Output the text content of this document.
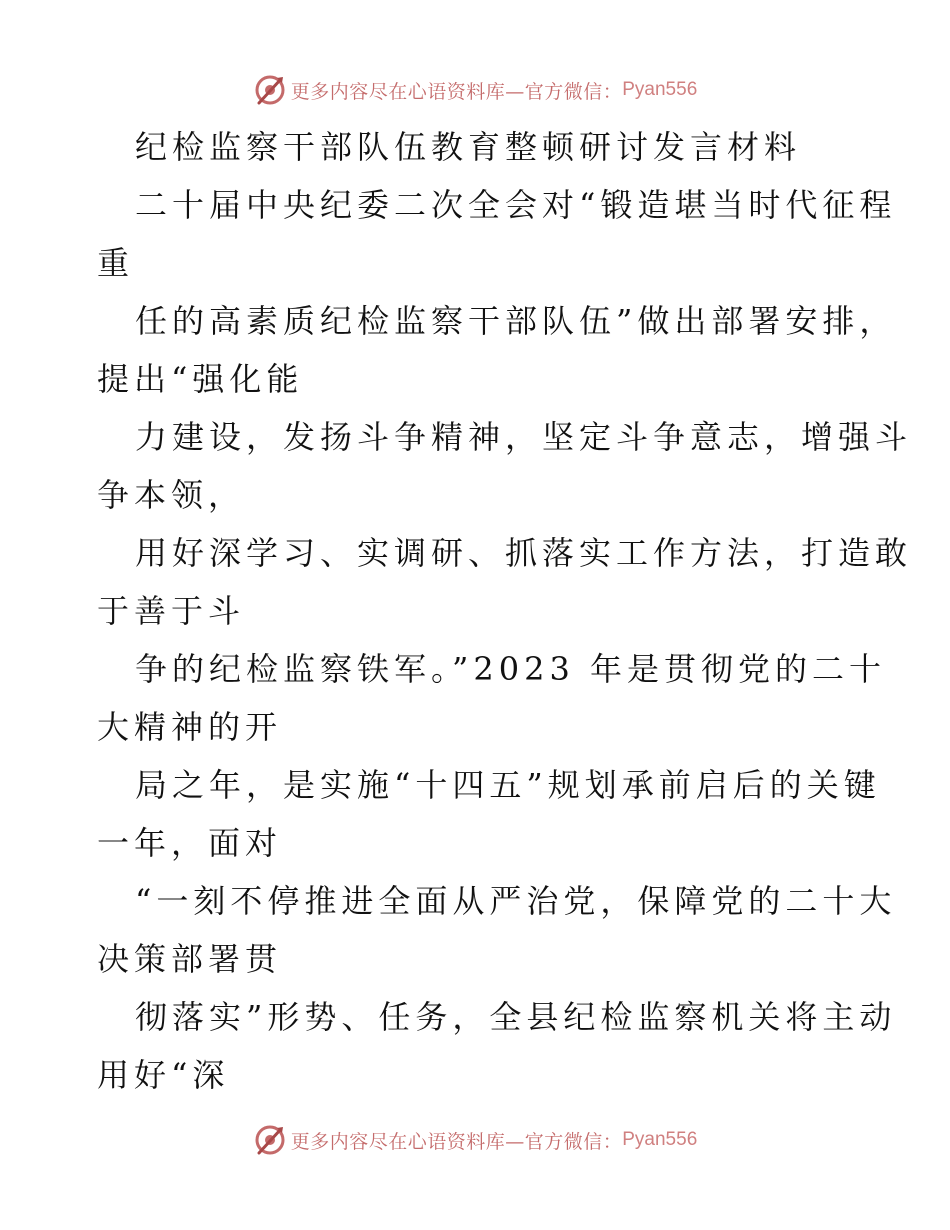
更多内容尽在心语资料库—官方微信： Pyan556
纪检监察干部队伍教育整顿研讨发言材料
二十届中央纪委二次全会对“锻造堪当时代征程
重
任的高素质纪检监察干部队伍”做出部署安排，
提出“强化能
力建设，发扬斗争精神，坚定斗争意志，增强斗
争本领，
用好深学习、实调研、抓落实工作方法，打造敢
于善于斗
争的纪检监察铁军。”2023 年是贯彻党的二十
大精神的开
局之年，是实施“十四五”规划承前启后的关键
一年，面对
“一刻不停推进全面从严治党，保障党的二十大
决策部署贯
彻落实”形势、任务，全县纪检监察机关将主动
用好“深
更多内容尽在心语资料库—官方微信： Pyan556
